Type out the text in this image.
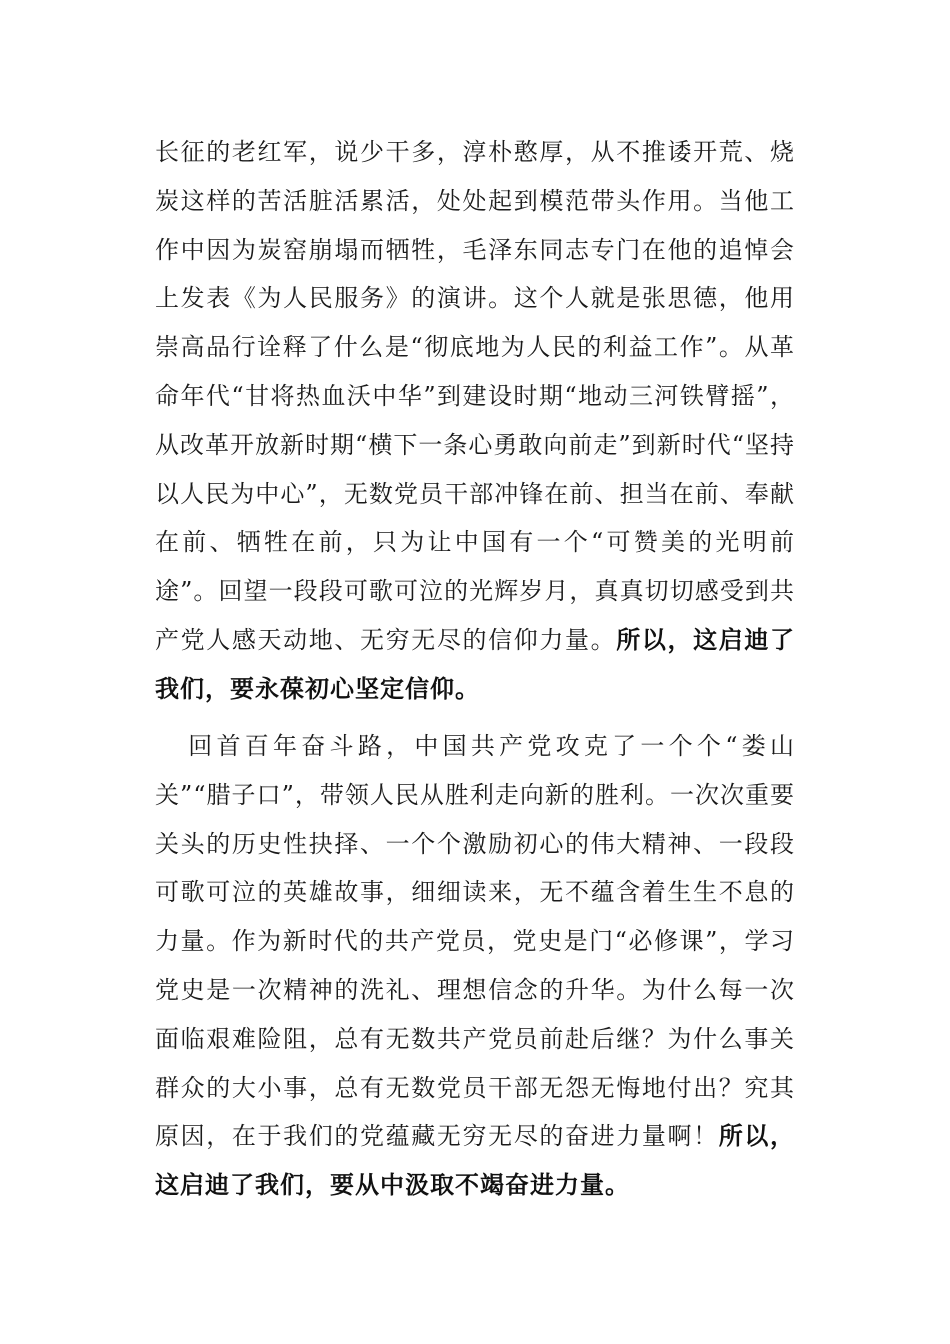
长征的老红军，说少干多，淳朴憨厚，从不推诿开荒、烧炭这样的苦活脏活累活，处处起到模范带头作用。当他工作中因为炭窑崩塌而牺牲，毛泽东同志专门在他的追悼会上发表《为人民服务》的演讲。这个人就是张思德，他用崇高品行诠释了什么是“彻底地为人民的利益工作”。从革命年代“甘将热血沃中华”到建设时期“地动三河铁臂摇”，从改革开放新时期“横下一条心勇敢向前走”到新时代“坚持以人民为中心”，无数党员干部冲锋在前、担当在前、奉献在前、牺牲在前，只为让中国有一个“可赞美的光明前途”。回望一段段可歌可泣的光辉岁月，真真切切感受到共产党人感天动地、无穷无尽的信仰力量。所以，这启迪了我们，要永葆初心坚定信仰。

回首百年奋斗路，中国共产党攻克了一个个“娄山关”“腊子口”，带领人民从胜利走向新的胜利。一次次重要关头的历史性抉择、一个个激励初心的伟大精神、一段段可歌可泣的英雄故事，细细读来，无不蕴含着生生不息的力量。作为新时代的共产党员，党史是门“必修课”，学习党史是一次精神的洗礼、理想信念的升华。为什么每一次面临艰难险阻，总有无数共产党员前赴后继？为什么事关群众的大小事，总有无数党员干部无怨无悔地付出？究其原因，在于我们的党蕴藏无穷无尽的奋进力量啊！所以，这启迪了我们，要从中汲取不竭奋进力量。
